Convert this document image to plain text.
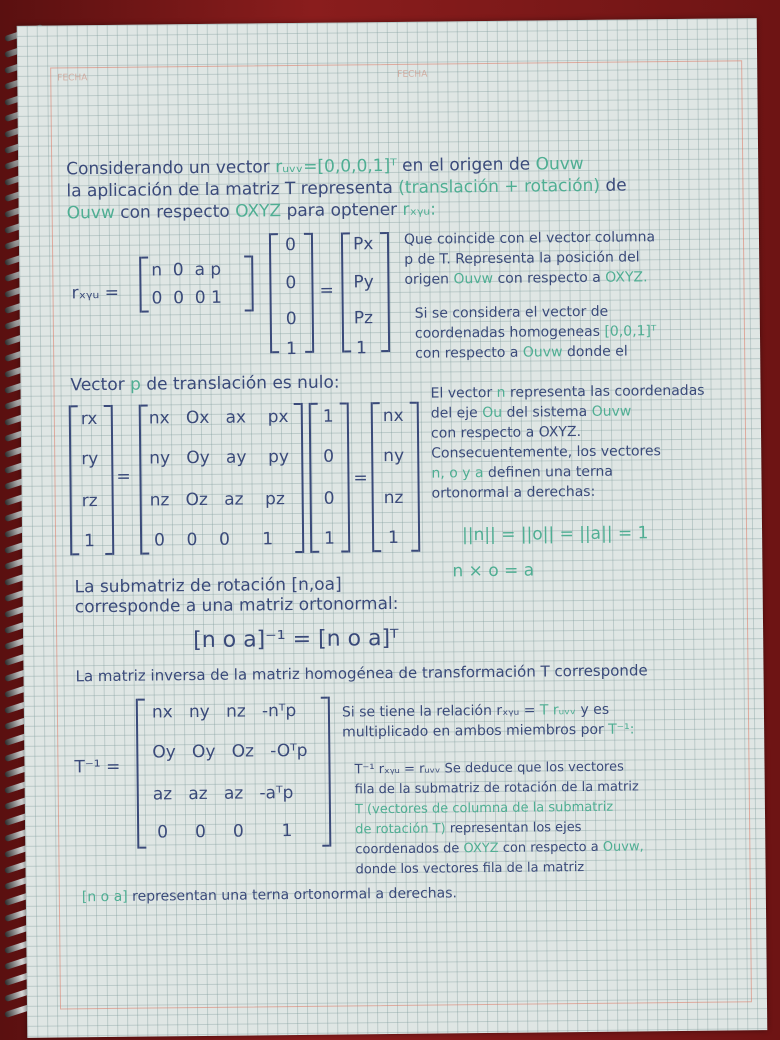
FECHA	FECHA
Considerando un vector rᵤᵥᵥ=[0,0,0,1]ᵀ en el origen de Ouvw
la aplicación de la matriz T representa (translación + rotación) de
Ouvw con respecto OXYZ para optener rₓᵧᵤ:
rₓᵧᵤ =
n 0 a p
0 0 0 1
0
0
0
1
=
Px
Py
Pz
1
Que coincide con el vector columna
p de T. Representa la posición del
origen Ouvw con respecto a OXYZ.
Si se considera el vector de
coordenadas homogeneas [0,0,1]ᵀ
con respecto a Ouvw donde el
Vector p de translación es nulo:
rx
ry
rz
1
=
nx Ox ax px
ny Oy ay py
nz Oz az pz
0 0 0 1
1
0
0
1
=
nx
ny
nz
1
El vector n representa las coordenadas
del eje Ou del sistema Ouvw
con respecto a OXYZ.
Consecuentemente, los vectores
n, o y a definen una terna
ortonormal a derechas:
||n|| = ||o|| = ||a|| = 1
n × o = a
La submatriz de rotación [n,oa]
corresponde a una matriz ortonormal:
[n o a]⁻¹ = [n o a]ᵀ
La matriz inversa de la matriz homogénea de transformación T corresponde
T⁻¹ =
nx ny nz -nᵀp
Oy Oy Oz -Oᵀp
az az az -aᵀp
0 0 0 1
Si se tiene la relación rₓᵧᵤ = T rᵤᵥᵥ y es
multiplicado en ambos miembros por T⁻¹:
T⁻¹ rₓᵧᵤ = rᵤᵥᵥ Se deduce que los vectores
fila de la submatriz de rotación de la matriz
T (vectores de columna de la submatriz
de rotación T) representan los ejes
coordenados de OXYZ con respecto a Ouvw,
donde los vectores fila de la matriz
[n o a] representan una terna ortonormal a derechas.
